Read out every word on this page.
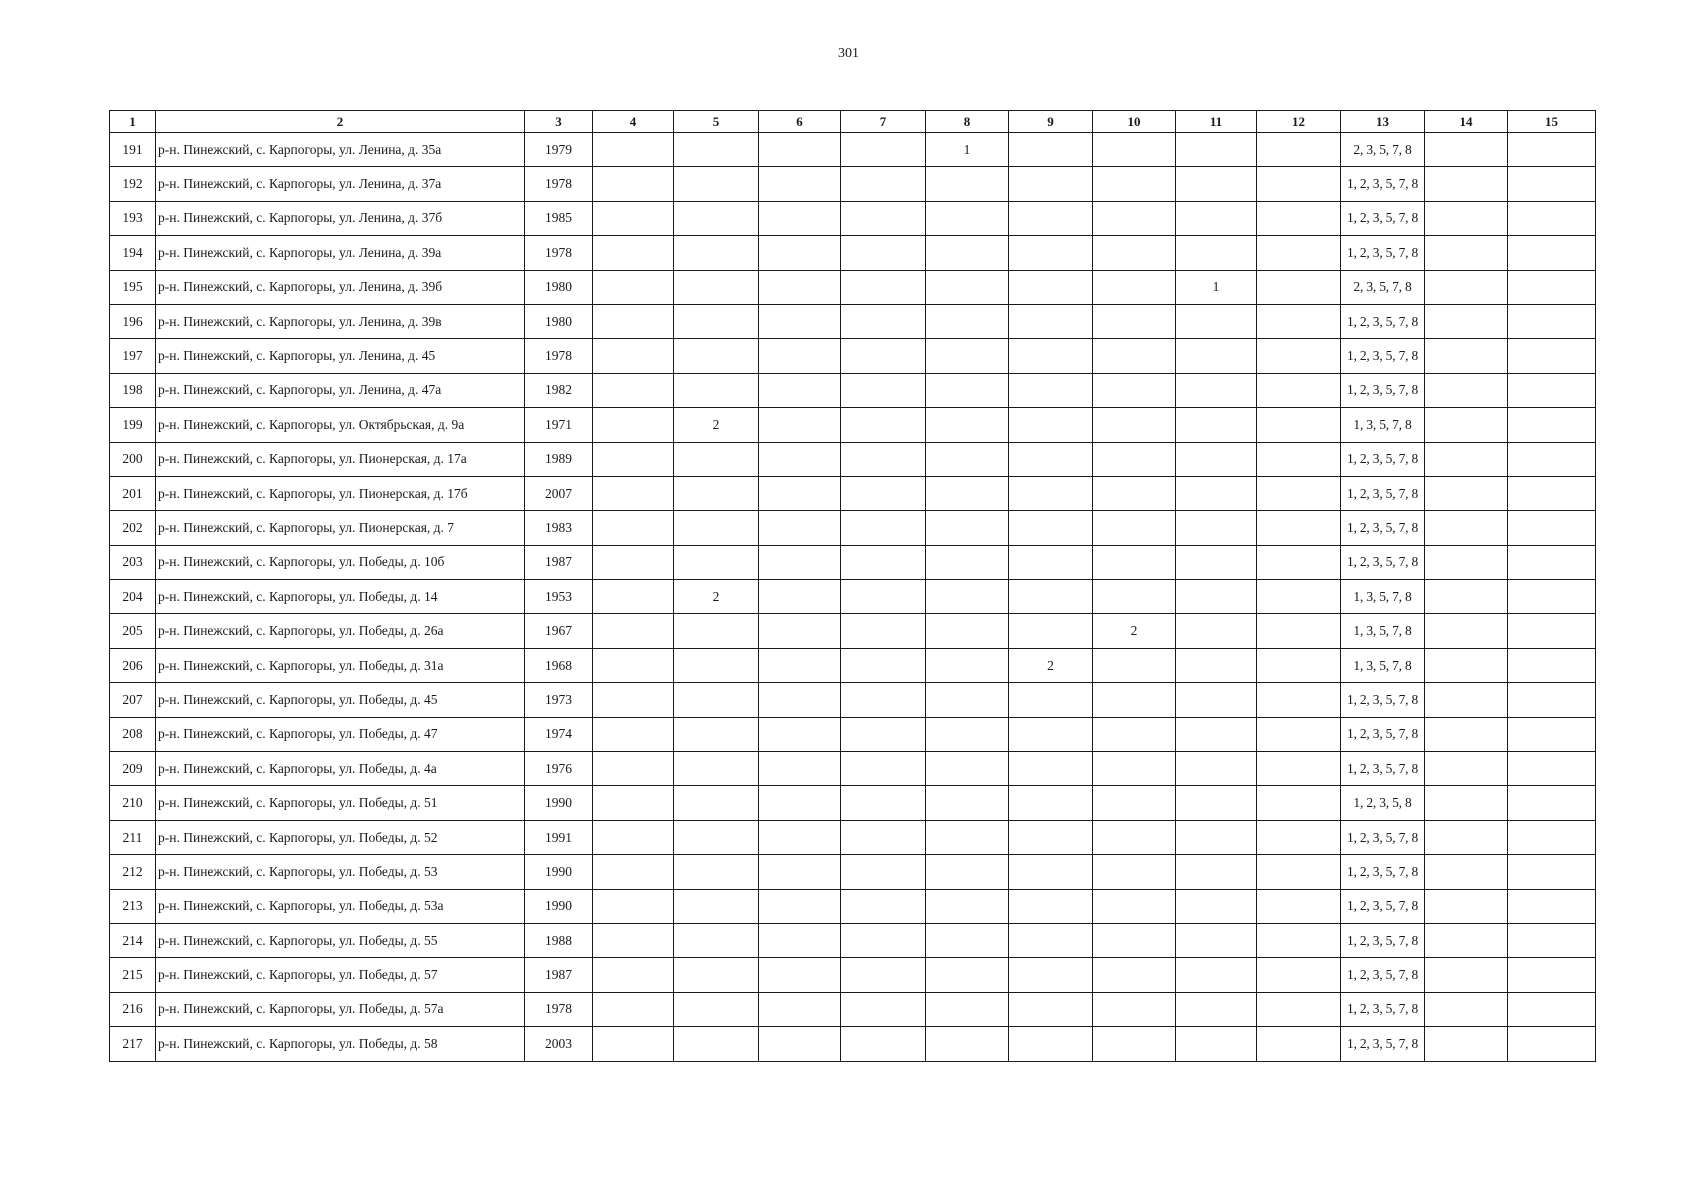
301
1	2	3	4	5	6	7	8	9	10	11	12	13	14	15
191	р-н. Пинежский, с. Карпогоры, ул. Ленина, д. 35а	1979					1					2, 3, 5, 7, 8		
192	р-н. Пинежский, с. Карпогоры, ул. Ленина, д. 37а	1978										1, 2, 3, 5, 7, 8		
193	р-н. Пинежский, с. Карпогоры, ул. Ленина, д. 37б	1985										1, 2, 3, 5, 7, 8		
194	р-н. Пинежский, с. Карпогоры, ул. Ленина, д. 39а	1978										1, 2, 3, 5, 7, 8		
195	р-н. Пинежский, с. Карпогоры, ул. Ленина, д. 39б	1980								1		2, 3, 5, 7, 8		
196	р-н. Пинежский, с. Карпогоры, ул. Ленина, д. 39в	1980										1, 2, 3, 5, 7, 8		
197	р-н. Пинежский, с. Карпогоры, ул. Ленина, д. 45	1978										1, 2, 3, 5, 7, 8		
198	р-н. Пинежский, с. Карпогоры, ул. Ленина, д. 47а	1982										1, 2, 3, 5, 7, 8		
199	р-н. Пинежский, с. Карпогоры, ул. Октябрьская, д. 9а	1971		2								1, 3, 5, 7, 8		
200	р-н. Пинежский, с. Карпогоры, ул. Пионерская, д. 17а	1989										1, 2, 3, 5, 7, 8		
201	р-н. Пинежский, с. Карпогоры, ул. Пионерская, д. 17б	2007										1, 2, 3, 5, 7, 8		
202	р-н. Пинежский, с. Карпогоры, ул. Пионерская, д. 7	1983										1, 2, 3, 5, 7, 8		
203	р-н. Пинежский, с. Карпогоры, ул. Победы, д. 10б	1987										1, 2, 3, 5, 7, 8		
204	р-н. Пинежский, с. Карпогоры, ул. Победы, д. 14	1953		2								1, 3, 5, 7, 8		
205	р-н. Пинежский, с. Карпогоры, ул. Победы, д. 26а	1967							2			1, 3, 5, 7, 8		
206	р-н. Пинежский, с. Карпогоры, ул. Победы, д. 31а	1968						2				1, 3, 5, 7, 8		
207	р-н. Пинежский, с. Карпогоры, ул. Победы, д. 45	1973										1, 2, 3, 5, 7, 8		
208	р-н. Пинежский, с. Карпогоры, ул. Победы, д. 47	1974										1, 2, 3, 5, 7, 8		
209	р-н. Пинежский, с. Карпогоры, ул. Победы, д. 4а	1976										1, 2, 3, 5, 7, 8		
210	р-н. Пинежский, с. Карпогоры, ул. Победы, д. 51	1990										1, 2, 3, 5, 8		
211	р-н. Пинежский, с. Карпогоры, ул. Победы, д. 52	1991										1, 2, 3, 5, 7, 8		
212	р-н. Пинежский, с. Карпогоры, ул. Победы, д. 53	1990										1, 2, 3, 5, 7, 8		
213	р-н. Пинежский, с. Карпогоры, ул. Победы, д. 53а	1990										1, 2, 3, 5, 7, 8		
214	р-н. Пинежский, с. Карпогоры, ул. Победы, д. 55	1988										1, 2, 3, 5, 7, 8		
215	р-н. Пинежский, с. Карпогоры, ул. Победы, д. 57	1987										1, 2, 3, 5, 7, 8		
216	р-н. Пинежский, с. Карпогоры, ул. Победы, д. 57а	1978										1, 2, 3, 5, 7, 8		
217	р-н. Пинежский, с. Карпогоры, ул. Победы, д. 58	2003										1, 2, 3, 5, 7, 8		
